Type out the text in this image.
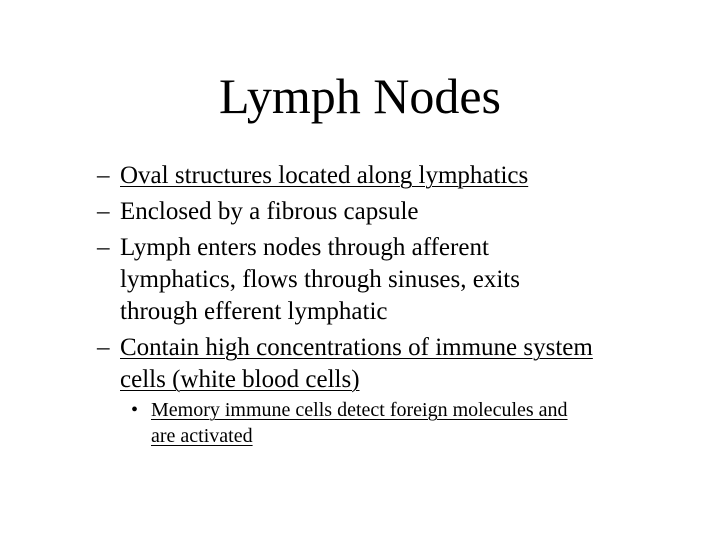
Lymph Nodes
– Oval structures located along lymphatics
– Enclosed by a fibrous capsule
– Lymph enters nodes through afferent
lymphatics, flows through sinuses, exits
through efferent lymphatic
– Contain high concentrations of immune system
cells (white blood cells)
• Memory immune cells detect foreign molecules and
are activated
